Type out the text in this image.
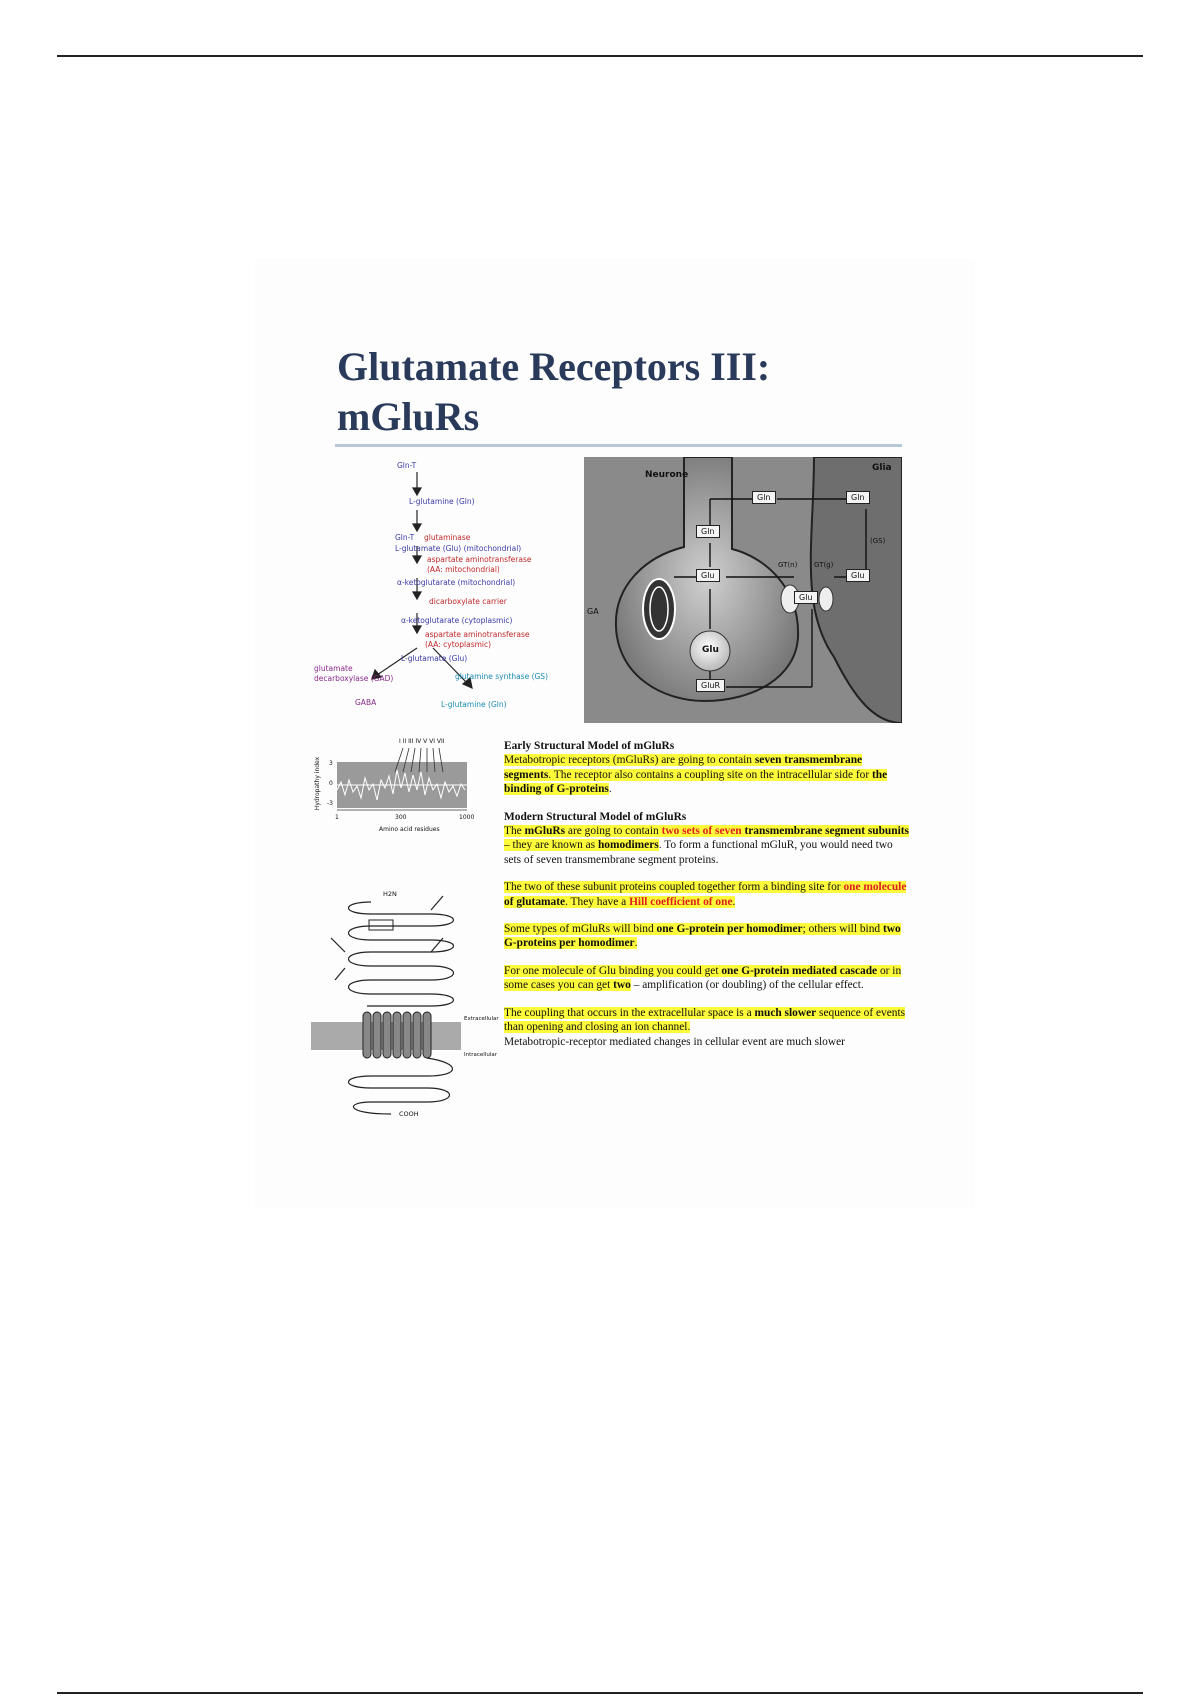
Glutamate Receptors III:
mGluRs
Gln-T
L-glutamine (Gln)
Gln-T glutaminase
L-glutamate (Glu) (mitochondrial)
aspartate aminotransferase
(AA: mitochondrial)
α-ketoglutarate (mitochondrial)
dicarboxylate carrier
α-ketoglutarate (cytoplasmic)
aspartate aminotransferase
(AA: cytoplasmic)
L-glutamate (Glu)
glutamate
decarboxylase (GAD)	glutamine synthase (GS)
GABA	L-glutamine (Gln)
Neurone
Glia
Gln	Gln
Gln
Glu
Glu
Glu
Glu
GluR
GA
GT(n) GT(g)
(GS)
I II III IV V VI VII
Hydropathy index 3
0
-3
1	300	1000
Amino acid residues
H2N
COOH
Extracellular
Intracellular

Early Structural Model of mGluRs

Metabotropic receptors (mGluRs) are going to contain seven transmembrane segments. The receptor also contains a coupling site on the intracellular side for the binding of G-proteins.

Modern Structural Model of mGluRs

The mGluRs are going to contain two sets of seven transmembrane segment subunits – they are known as homodimers. To form a functional mGluR, you would need two sets of seven transmembrane segment proteins.

The two of these subunit proteins coupled together form a binding site for one molecule of glutamate. They have a Hill coefficient of one.

Some types of mGluRs will bind one G-protein per homodimer; others will bind two G-proteins per homodimer.

For one molecule of Glu binding you could get one G-protein mediated cascade or in some cases you can get two – amplification (or doubling) of the cellular effect.

The coupling that occurs in the extracellular space is a much slower sequence of events than opening and closing an ion channel.
Metabotropic-receptor mediated changes in cellular event are much slower
